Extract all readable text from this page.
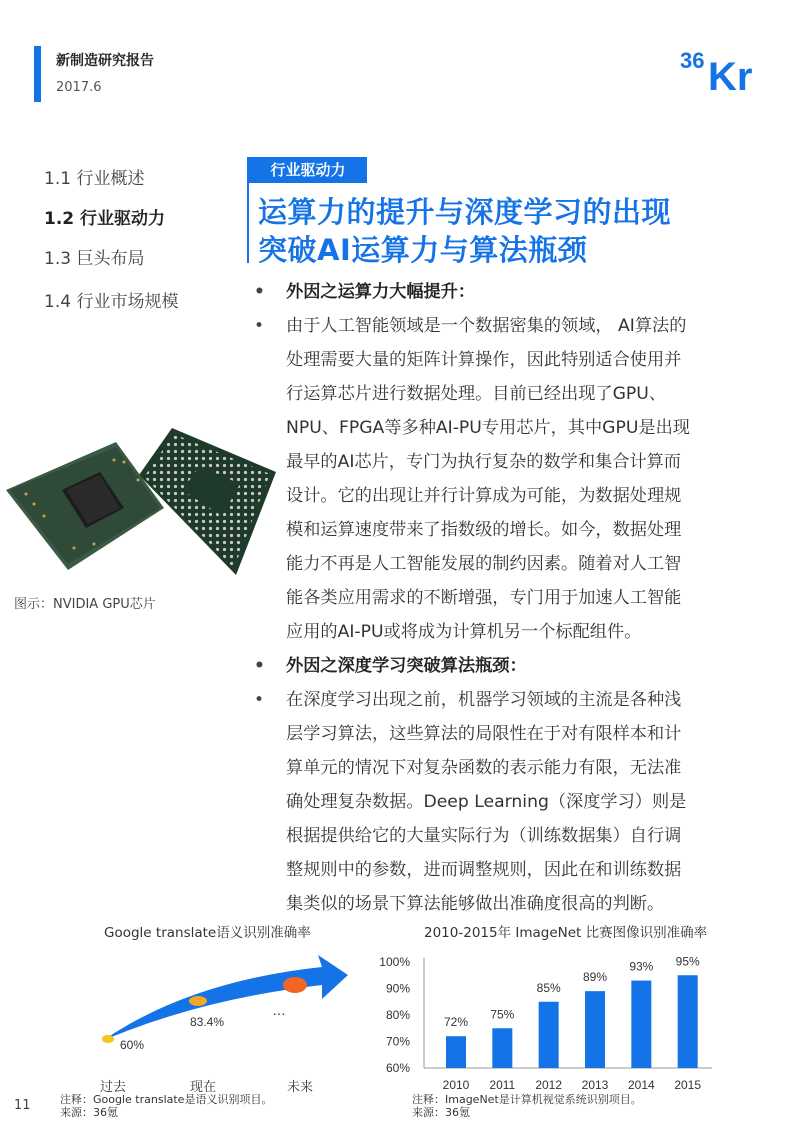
新制造研究报告
2017.6
36 Kr
1.1 行业概述
1.2 行业驱动力
1.3 巨头布局
1.4 行业市场规模
行业驱动力
运算力的提升与深度学习的出现
突破AI运算力与算法瓶颈
• 外因之运算力大幅提升：
• 由于人工智能领域是一个数据密集的领域， AI算法的
处理需要大量的矩阵计算操作，因此特别适合使用并
行运算芯片进行数据处理。目前已经出现了GPU、
NPU、FPGA等多种AI-PU专用芯片，其中GPU是出现
最早的AI芯片，专门为执行复杂的数学和集合计算而
设计。它的出现让并行计算成为可能，为数据处理规
模和运算速度带来了指数级的增长。如今，数据处理
能力不再是人工智能发展的制约因素。随着对人工智
能各类应用需求的不断增强，专门用于加速人工智能
应用的AI-PU或将成为计算机另一个标配组件。
• 外因之深度学习突破算法瓶颈：
• 在深度学习出现之前，机器学习领域的主流是各种浅
层学习算法，这些算法的局限性在于对有限样本和计
算单元的情况下对复杂函数的表示能力有限，无法准
确处理复杂数据。Deep Learning（深度学习）则是
根据提供给它的大量实际行为（训练数据集）自行调
整规则中的参数，进而调整规则，因此在和训练数据
集类似的场景下算法能够做出准确度很高的判断。
图示：NVIDIA GPU芯片
Google translate语义识别准确率
过去	现在	未来
60%
83.4%
…
注释：Google translate是语义识别项目。
来源：36氪
2010-2015年 ImageNet 比赛图像识别准确率
60%
70%
80%
90%
100%
72%
2010
75%
2011
85%
2012
89%
2013
93%
2014
95%
2015
注释：ImageNet是计算机视觉系统识别项目。
来源：36氪
11
